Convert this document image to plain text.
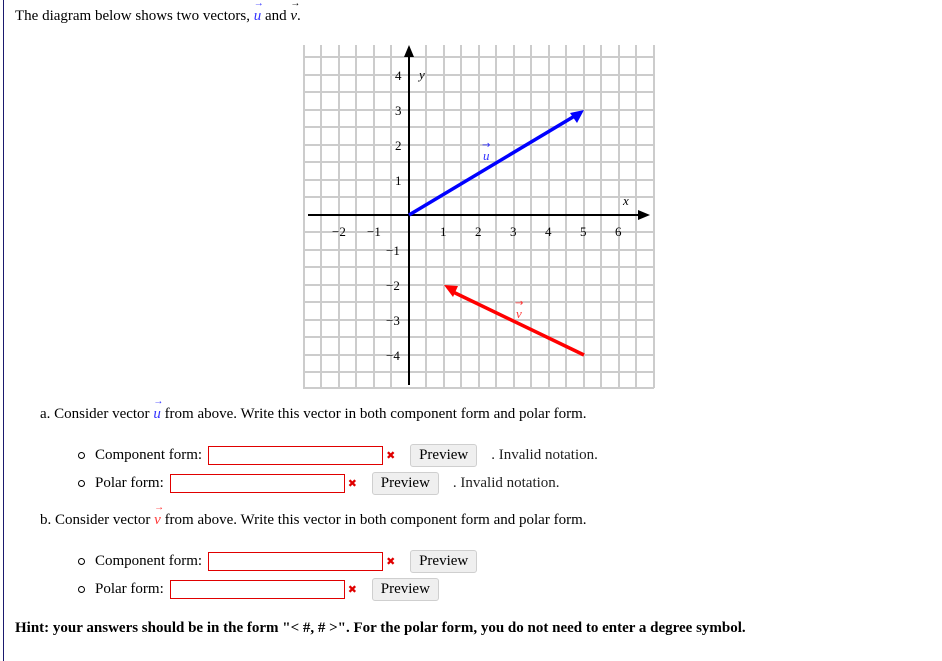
The diagram below shows two vectors,
→
u and
→
v.
−2 −1	1 2 3 4 5 6
4
3
2
1
−1
−2
−3
−4
y
x
u
→
v
→
a. Consider vector
→
u from above. Write this vector in both component form and polar form.
Component form:	✖	Preview	. Invalid notation.
Polar form:	✖	Preview	. Invalid notation.
b. Consider vector
→
v from above. Write this vector in both component form and polar form.
Component form:	✖	Preview
Polar form:	✖	Preview
Hint: your answers should be in the form "< #, # >". For the polar form, you do not need to enter a degree symbol.
